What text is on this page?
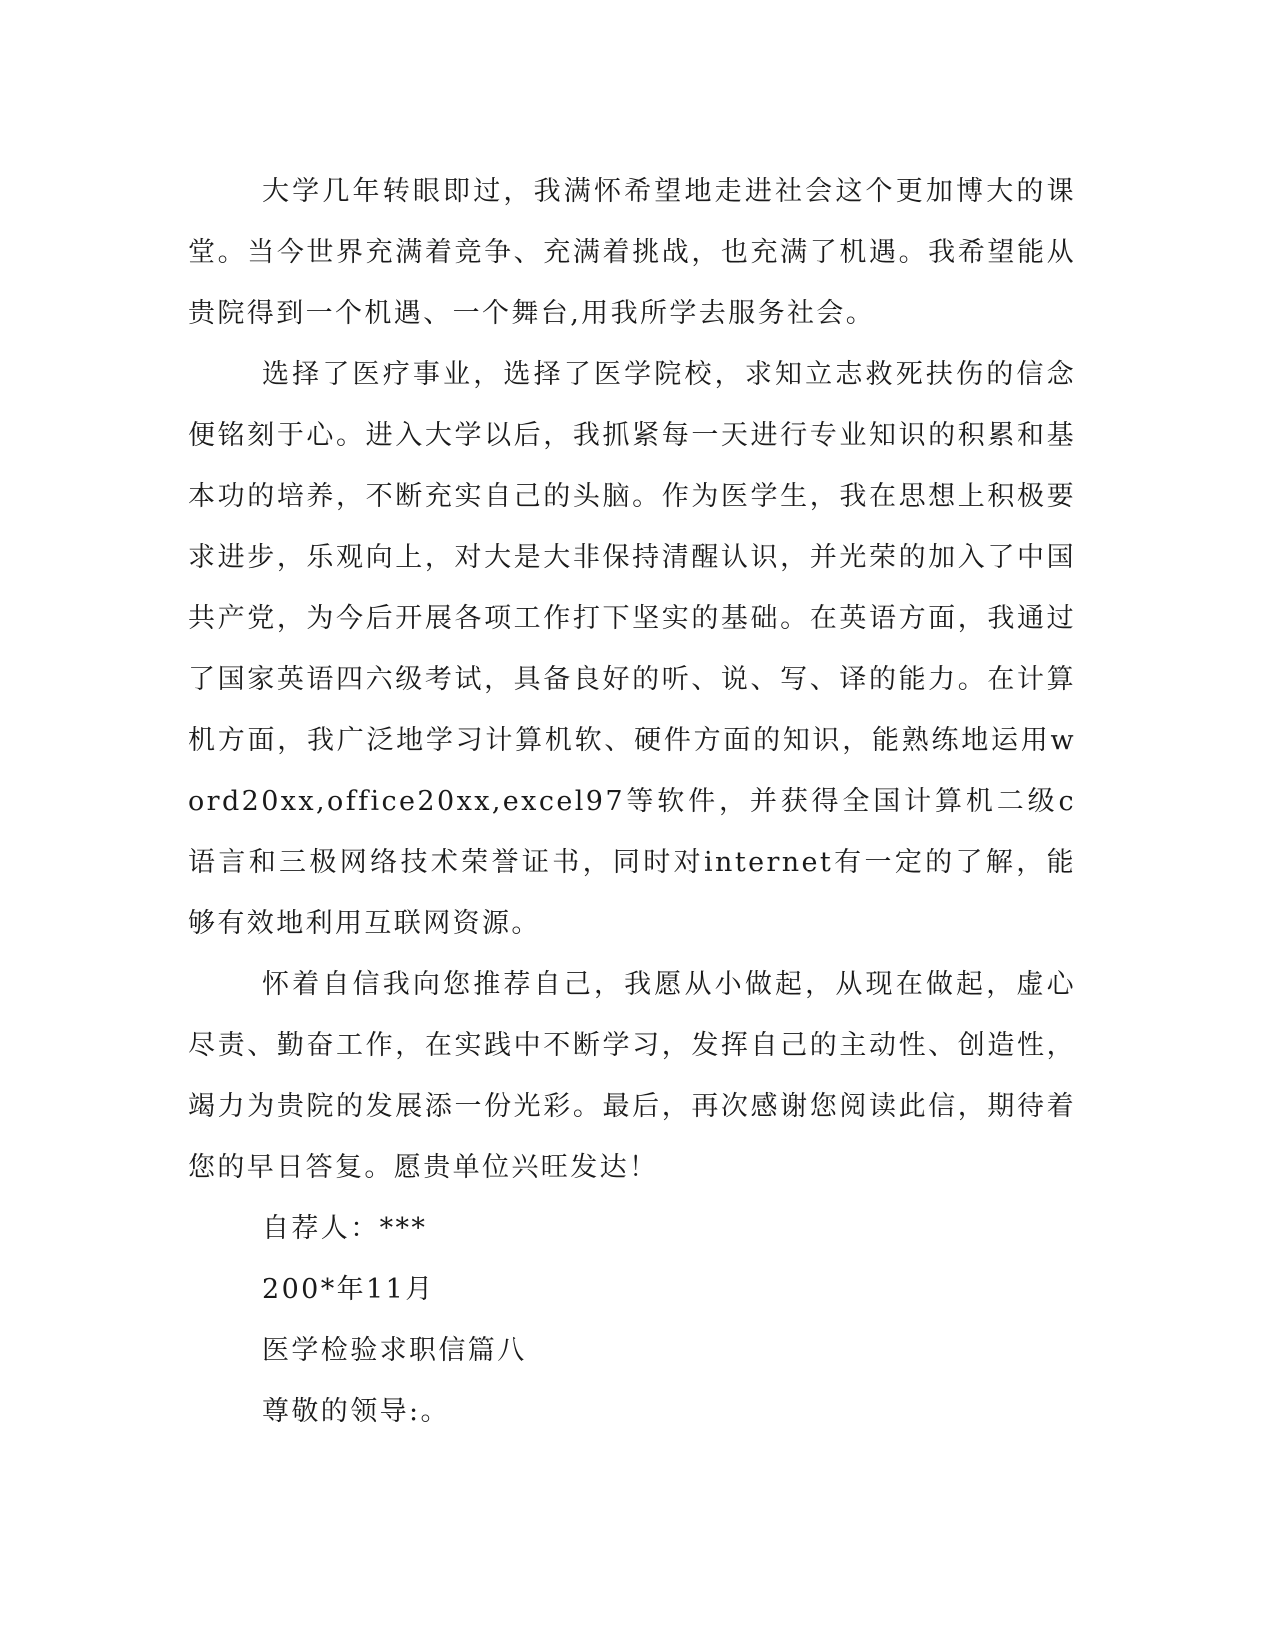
大学几年转眼即过，我满怀希望地走进社会这个更加博大的课堂。当今世界充满着竞争、充满着挑战，也充满了机遇。我希望能从贵院得到一个机遇、一个舞台,用我所学去服务社会。

选择了医疗事业，选择了医学院校，求知立志救死扶伤的信念便铭刻于心。进入大学以后，我抓紧每一天进行专业知识的积累和基本功的培养，不断充实自己的头脑。作为医学生，我在思想上积极要求进步，乐观向上，对大是大非保持清醒认识，并光荣的加入了中国共产党，为今后开展各项工作打下坚实的基础。在英语方面，我通过了国家英语四六级考试，具备良好的听、说、写、译的能力。在计算机方面，我广泛地学习计算机软、硬件方面的知识，能熟练地运用word20xx,office20xx,excel97等软件，并获得全国计算机二级c语言和三极网络技术荣誉证书，同时对internet有一定的了解，能够有效地利用互联网资源。

怀着自信我向您推荐自己，我愿从小做起，从现在做起，虚心尽责、勤奋工作，在实践中不断学习，发挥自己的主动性、创造性，竭力为贵院的发展添一份光彩。最后，再次感谢您阅读此信，期待着您的早日答复。愿贵单位兴旺发达！

自荐人：***

200*年11月

医学检验求职信篇八

尊敬的领导:。
